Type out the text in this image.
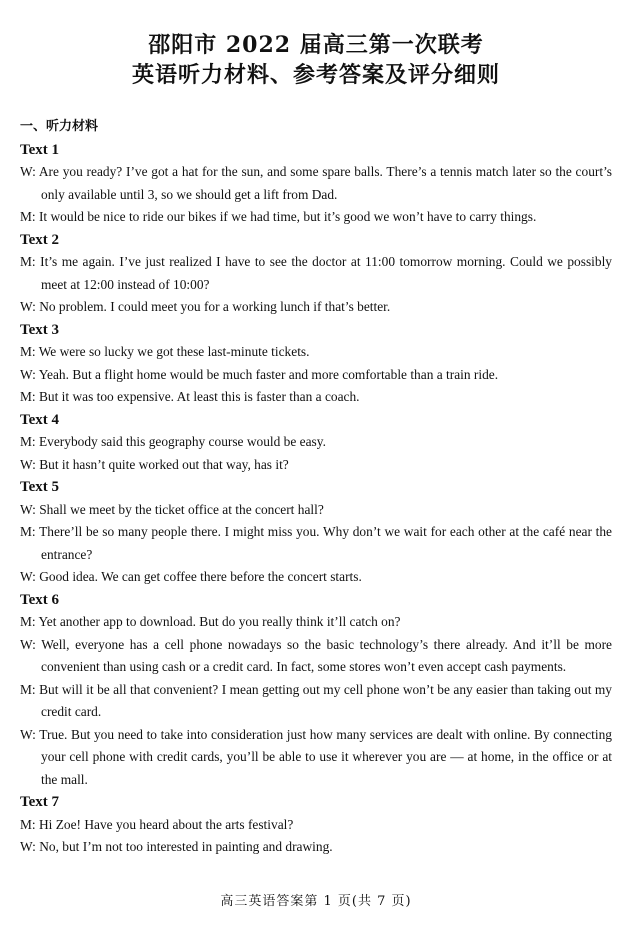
邵阳市 2022 届高三第一次联考
英语听力材料、参考答案及评分细则
一、听力材料
Text 1
W: Are you ready? I’ve got a hat for the sun, and some spare balls. There’s a tennis match later so the court’s only available until 3, so we should get a lift from Dad.
M: It would be nice to ride our bikes if we had time, but it’s good we won’t have to carry things.
Text 2
M: It’s me again. I’ve just realized I have to see the doctor at 11:00 tomorrow morning. Could we possibly meet at 12:00 instead of 10:00?
W: No problem. I could meet you for a working lunch if that’s better.
Text 3
M: We were so lucky we got these last-minute tickets.
W: Yeah. But a flight home would be much faster and more comfortable than a train ride.
M: But it was too expensive. At least this is faster than a coach.
Text 4
M: Everybody said this geography course would be easy.
W: But it hasn’t quite worked out that way, has it?
Text 5
W: Shall we meet by the ticket office at the concert hall?
M: There’ll be so many people there. I might miss you. Why don’t we wait for each other at the café near the entrance?
W: Good idea. We can get coffee there before the concert starts.
Text 6
M: Yet another app to download. But do you really think it’ll catch on?
W: Well, everyone has a cell phone nowadays so the basic technology’s there already. And it’ll be more convenient than using cash or a credit card. In fact, some stores won’t even accept cash payments.
M: But will it be all that convenient? I mean getting out my cell phone won’t be any easier than taking out my credit card.
W: True. But you need to take into consideration just how many services are dealt with online. By connecting your cell phone with credit cards, you’ll be able to use it wherever you are — at home, in the office or at the mall.
Text 7
M: Hi Zoe! Have you heard about the arts festival?
W: No, but I’m not too interested in painting and drawing.
高三英语答案第 1 页(共 7 页)
